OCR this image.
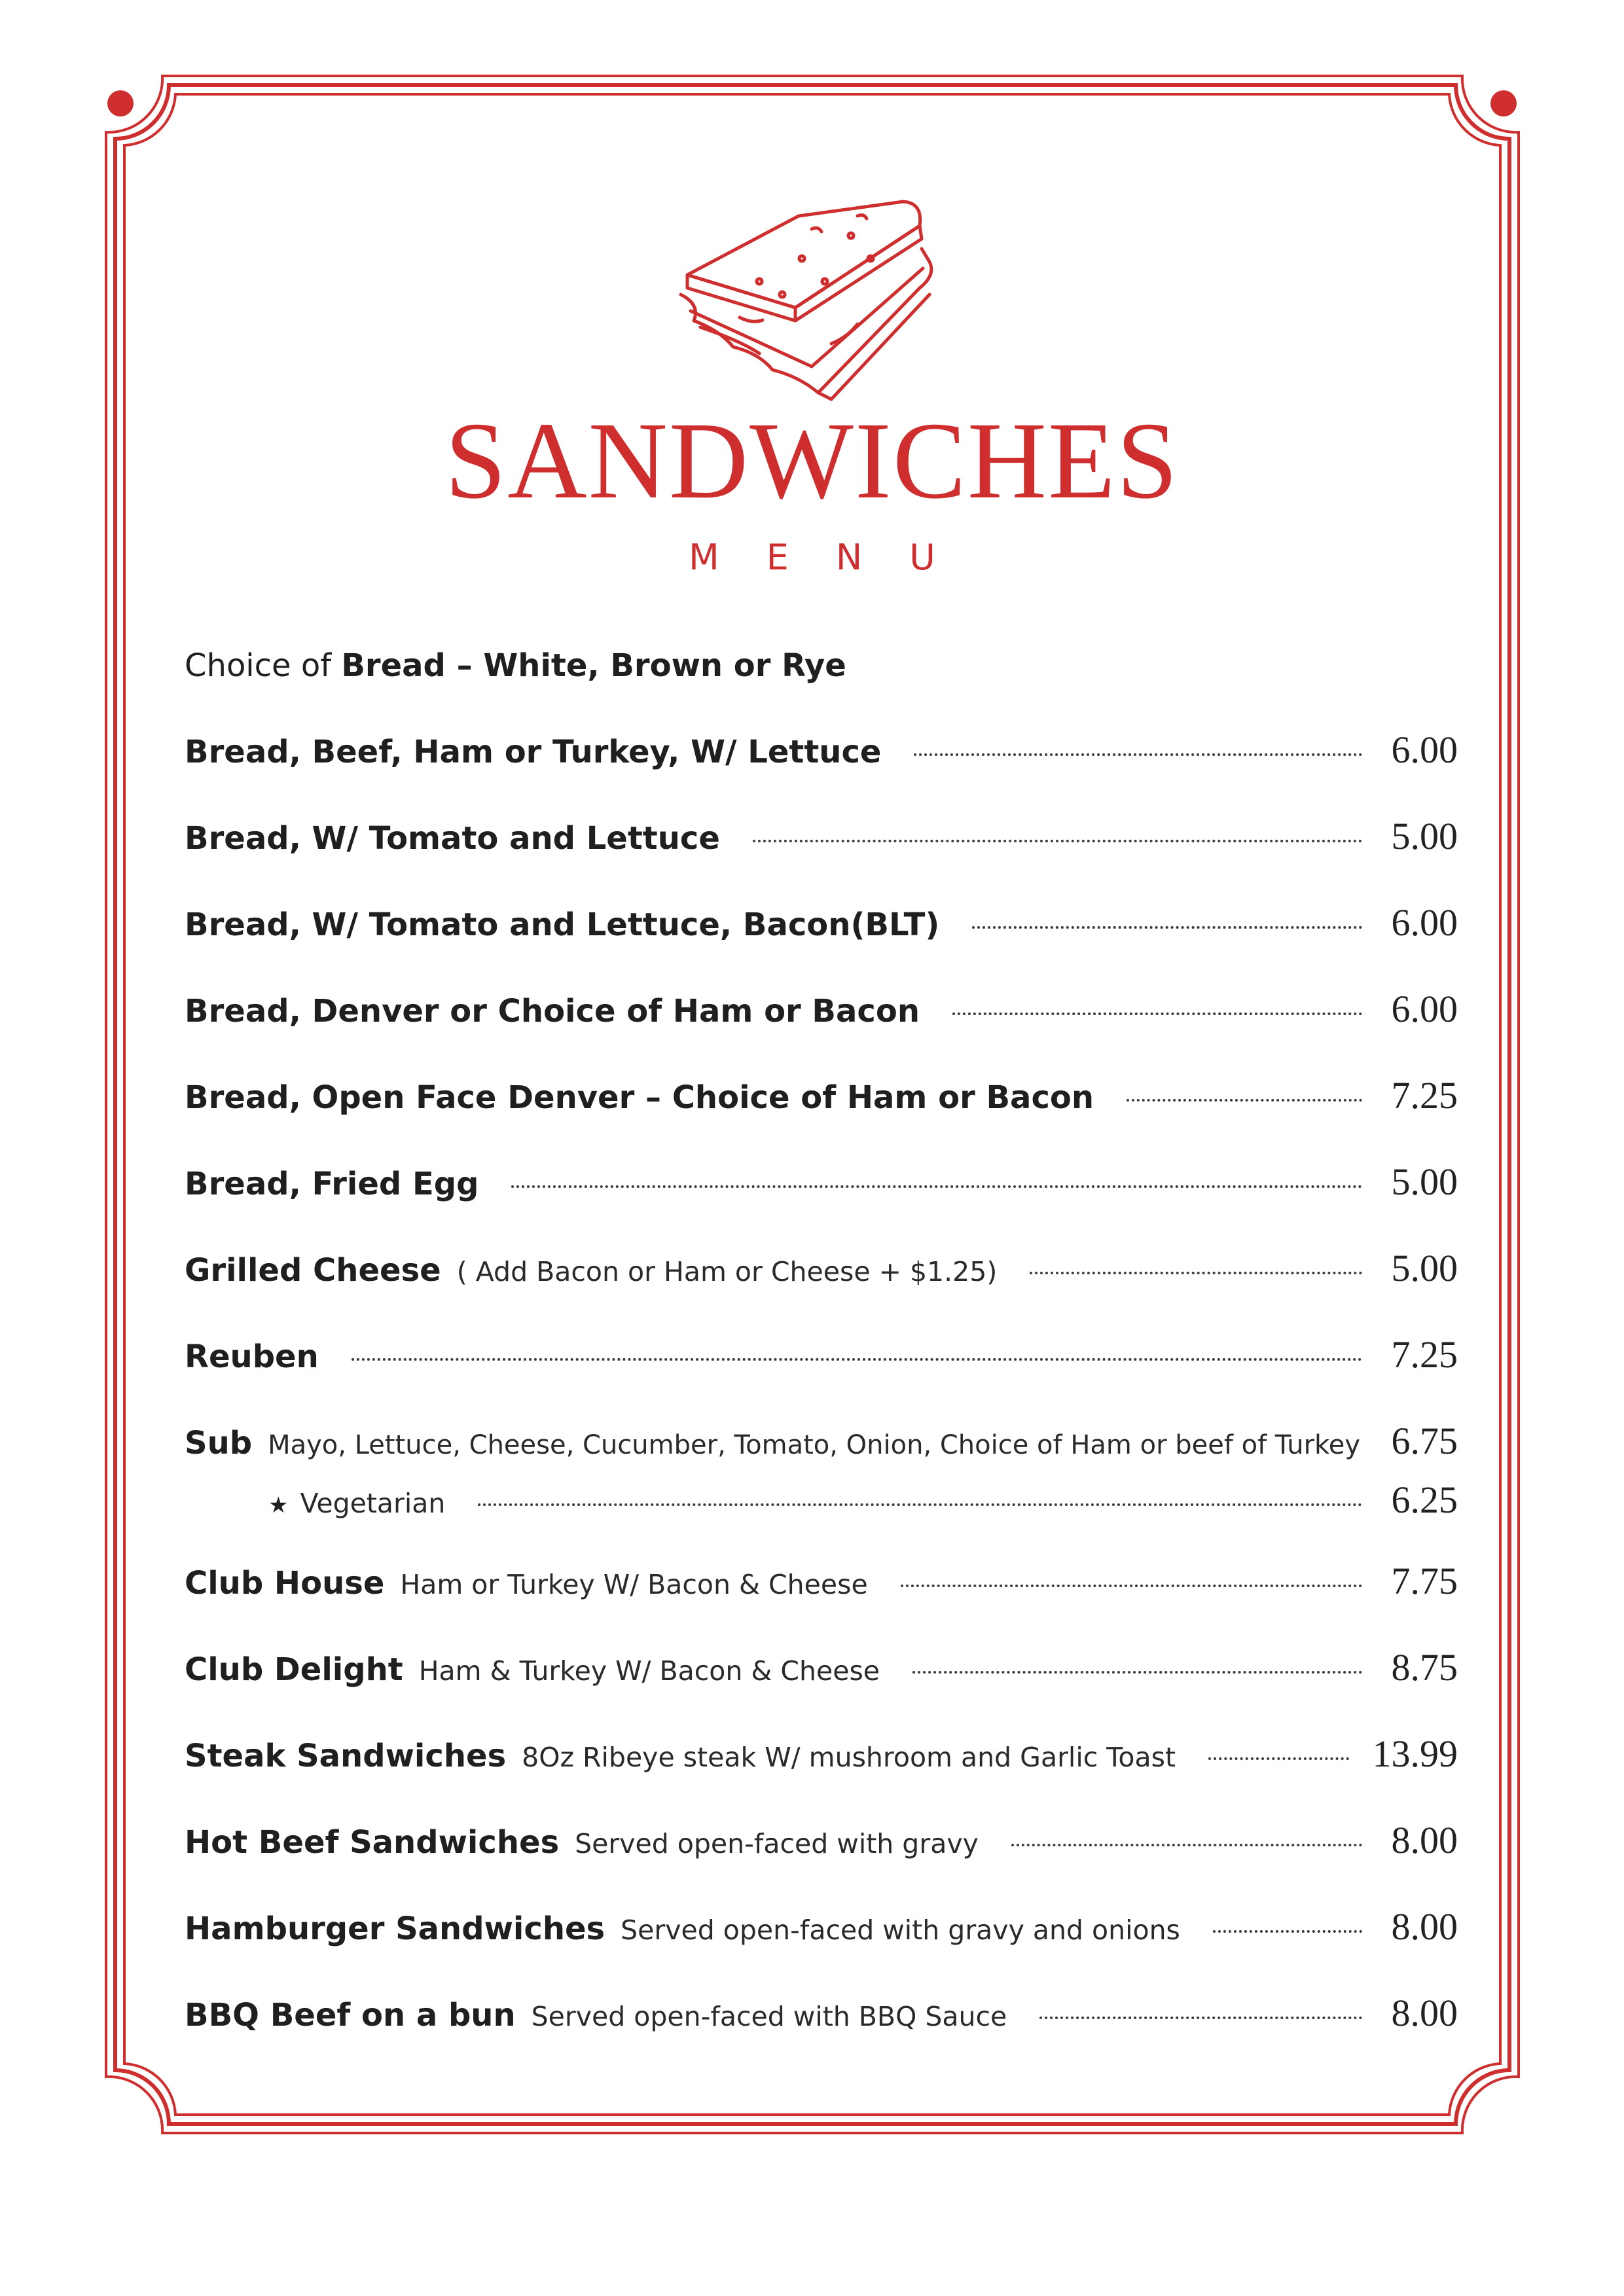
SANDWICHES
MENU
Choice of Bread – White, Brown or Rye
Bread, Beef, Ham or Turkey, W/ Lettuce	6.00
Bread, W/ Tomato and Lettuce	5.00
Bread, W/ Tomato and Lettuce, Bacon(BLT)	6.00
Bread, Denver or Choice of Ham or Bacon	6.00
Bread, Open Face Denver – Choice of Ham or Bacon	7.25
Bread, Fried Egg	5.00
Grilled Cheese ( Add Bacon or Ham or Cheese + $1.25)	5.00
Reuben	7.25
Sub Mayo, Lettuce, Cheese, Cucumber, Tomato, Onion, Choice of Ham or beef of Turkey 6.75
★ Vegetarian	6.25
Club House Ham or Turkey W/ Bacon & Cheese	7.75
Club Delight Ham & Turkey W/ Bacon & Cheese	8.75
Steak Sandwiches 8Oz Ribeye steak W/ mushroom and Garlic Toast	13.99
Hot Beef Sandwiches Served open-faced with gravy	8.00
Hamburger Sandwiches Served open-faced with gravy and onions	8.00
BBQ Beef on a bun Served open-faced with BBQ Sauce	8.00
